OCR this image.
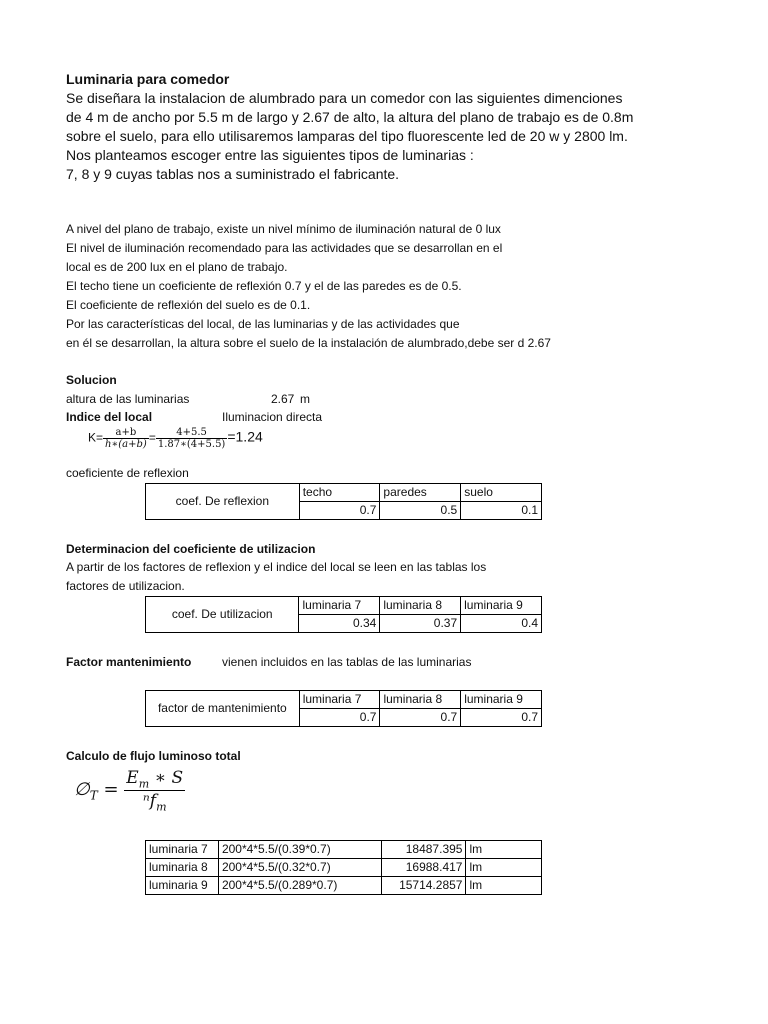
Luminaria para comedor
Se diseñara la instalacion de alumbrado para un comedor con las siguientes dimenciones
de 4 m de ancho por 5.5 m de largo y 2.67 de alto, la altura del plano de trabajo es de 0.8m
sobre el suelo, para ello utilisaremos lamparas del tipo fluorescente led de 20 w y 2800 lm.
Nos planteamos escoger entre las siguientes tipos de luminarias :
7, 8 y 9 cuyas tablas nos a suministrado el fabricante.
A nivel del plano de trabajo, existe un nivel mínimo de iluminación natural de 0 lux
El nivel de iluminación recomendado para las actividades que se desarrollan en el
local es de 200 lux en el plano de trabajo.
El techo tiene un coeficiente de reflexión 0.7 y el de las paredes es de 0.5.
El coeficiente de reflexión del suelo es de 0.1.
Por las características del local, de las luminarias y de las actividades que
en él se desarrollan, la altura sobre el suelo de la instalación de alumbrado,debe ser d 2.67
Solucion
altura de las luminarias	2.67 m
Indice del local	Iluminacion directa
$K= \frac{a+b}{h∗(a+b)} = \frac{4+5.5}{1.87∗(4+5.5)} =1.24$
coeficiente de reflexion
coef. De reflexion	techo	paredes	suelo
	0.7	0.5	0.1
Determinacion del coeficiente de utilizacion
A partir de los factores de reflexion y el indice del local se leen en las tablas los
factores de utilizacion.
coef. De utilizacion	luminaria 7	luminaria 8	luminaria 9
	0.34	0.37	0.4
Factor mantenimiento	vienen incluidos en las tablas de las luminarias
factor de mantenimiento	luminaria 7	luminaria 8	luminaria 9
	0.7	0.7	0.7
Calculo de flujo luminoso total
$\emptyset_T = \frac{E_m ∗ S}{^nf_m}$
luminaria 7	200*4*5.5/(0.39*0.7)	18487.395	lm
luminaria 8	200*4*5.5/(0.32*0.7)	16988.417	lm
luminaria 9	200*4*5.5/(0.289*0.7)	15714.2857	lm
